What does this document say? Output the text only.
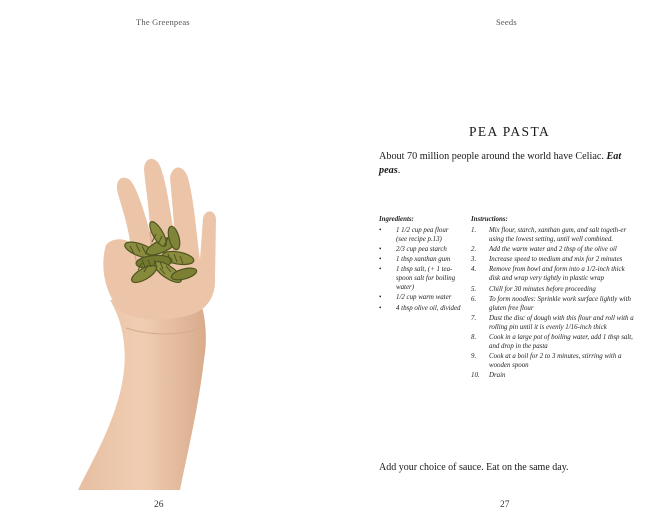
The Greenpeas
26
Seeds
PEA PASTA
About 70 million people around the world have Celiac. Eat peas.
Ingredients:
• 1 1/2 cup pea flour (see recipe p.13)
• 2/3 cup pea starch
• 1 tbsp xanthan gum
• 1 tbsp salt, (+ 1 tea-spoon salt for boiling water)
• 1/2 cup warm water
• 4 tbsp olive oil, divided
Instructions:
1. Mix flour, starch, xanthan gum, and salt togeth-er using the lowest setting, until well combined.
2. Add the warm water and 2 tbsp of the olive oil
3. Increase speed to medium and mix for 2 minutes
4. Remove from bowl and form into a 1/2-inch thick disk and wrap very tightly in plastic wrap
5. Chill for 30 minutes before proceeding
6. To form noodles: Sprinkle work surface lightly with gluten free flour
7. Dust the disc of dough with this flour and roll with a rolling pin until it is evenly 1/16-inch thick
8. Cook in a large pot of boiling water, add 1 tbsp salt, and drop in the pasta
9. Cook at a boil for 2 to 3 minutes, stirring with a wooden spoon
10. Drain
Add your choice of sauce. Eat on the same day.
27
